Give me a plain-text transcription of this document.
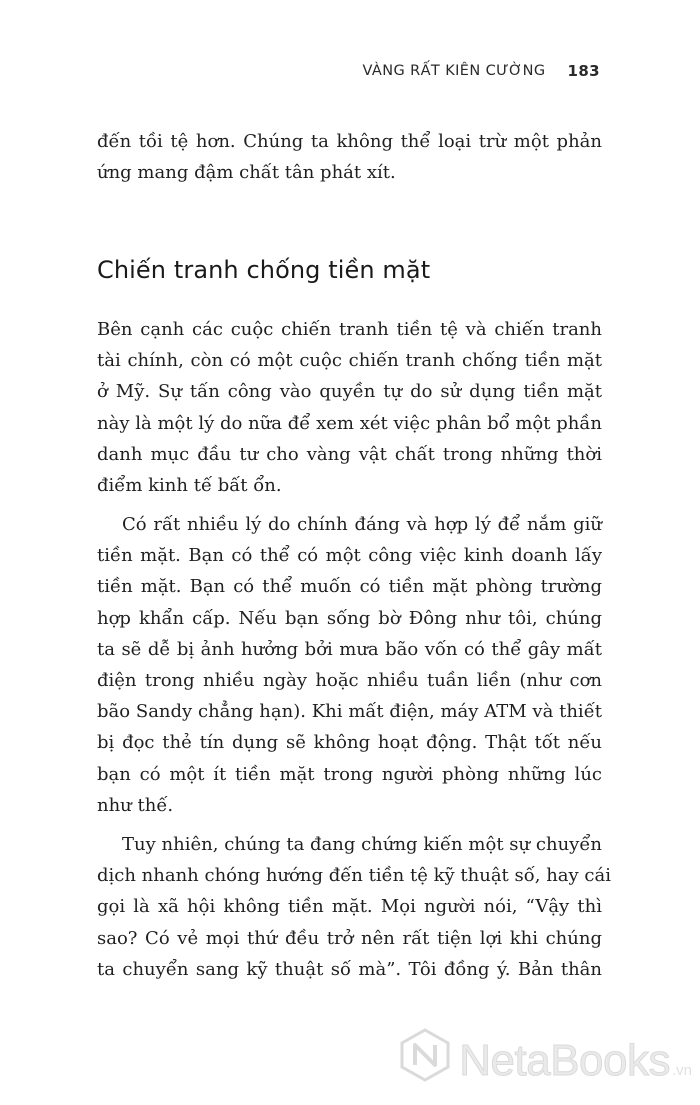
VÀNG RẤT KIÊN CƯỜNG 183

đến tồi tệ hơn. Chúng ta không thể loại trừ một phản
ứng mang đậm chất tân phát xít.

Chiến tranh chống tiền mặt

Bên cạnh các cuộc chiến tranh tiền tệ và chiến tranh
tài chính, còn có một cuộc chiến tranh chống tiền mặt
ở Mỹ. Sự tấn công vào quyền tự do sử dụng tiền mặt
này là một lý do nữa để xem xét việc phân bổ một phần
danh mục đầu tư cho vàng vật chất trong những thời
điểm kinh tế bất ổn.

Có rất nhiều lý do chính đáng và hợp lý để nắm giữ
tiền mặt. Bạn có thể có một công việc kinh doanh lấy
tiền mặt. Bạn có thể muốn có tiền mặt phòng trường
hợp khẩn cấp. Nếu bạn sống bờ Đông như tôi, chúng
ta sẽ dễ bị ảnh hưởng bởi mưa bão vốn có thể gây mất
điện trong nhiều ngày hoặc nhiều tuần liền (như cơn
bão Sandy chẳng hạn). Khi mất điện, máy ATM và thiết
bị đọc thẻ tín dụng sẽ không hoạt động. Thật tốt nếu
bạn có một ít tiền mặt trong người phòng những lúc
như thế.

Tuy nhiên, chúng ta đang chứng kiến một sự chuyển
dịch nhanh chóng hướng đến tiền tệ kỹ thuật số, hay cái
gọi là xã hội không tiền mặt. Mọi người nói, “Vậy thì
sao? Có vẻ mọi thứ đều trở nên rất tiện lợi khi chúng
ta chuyển sang kỹ thuật số mà”. Tôi đồng ý. Bản thân

NetaBooks .vn
